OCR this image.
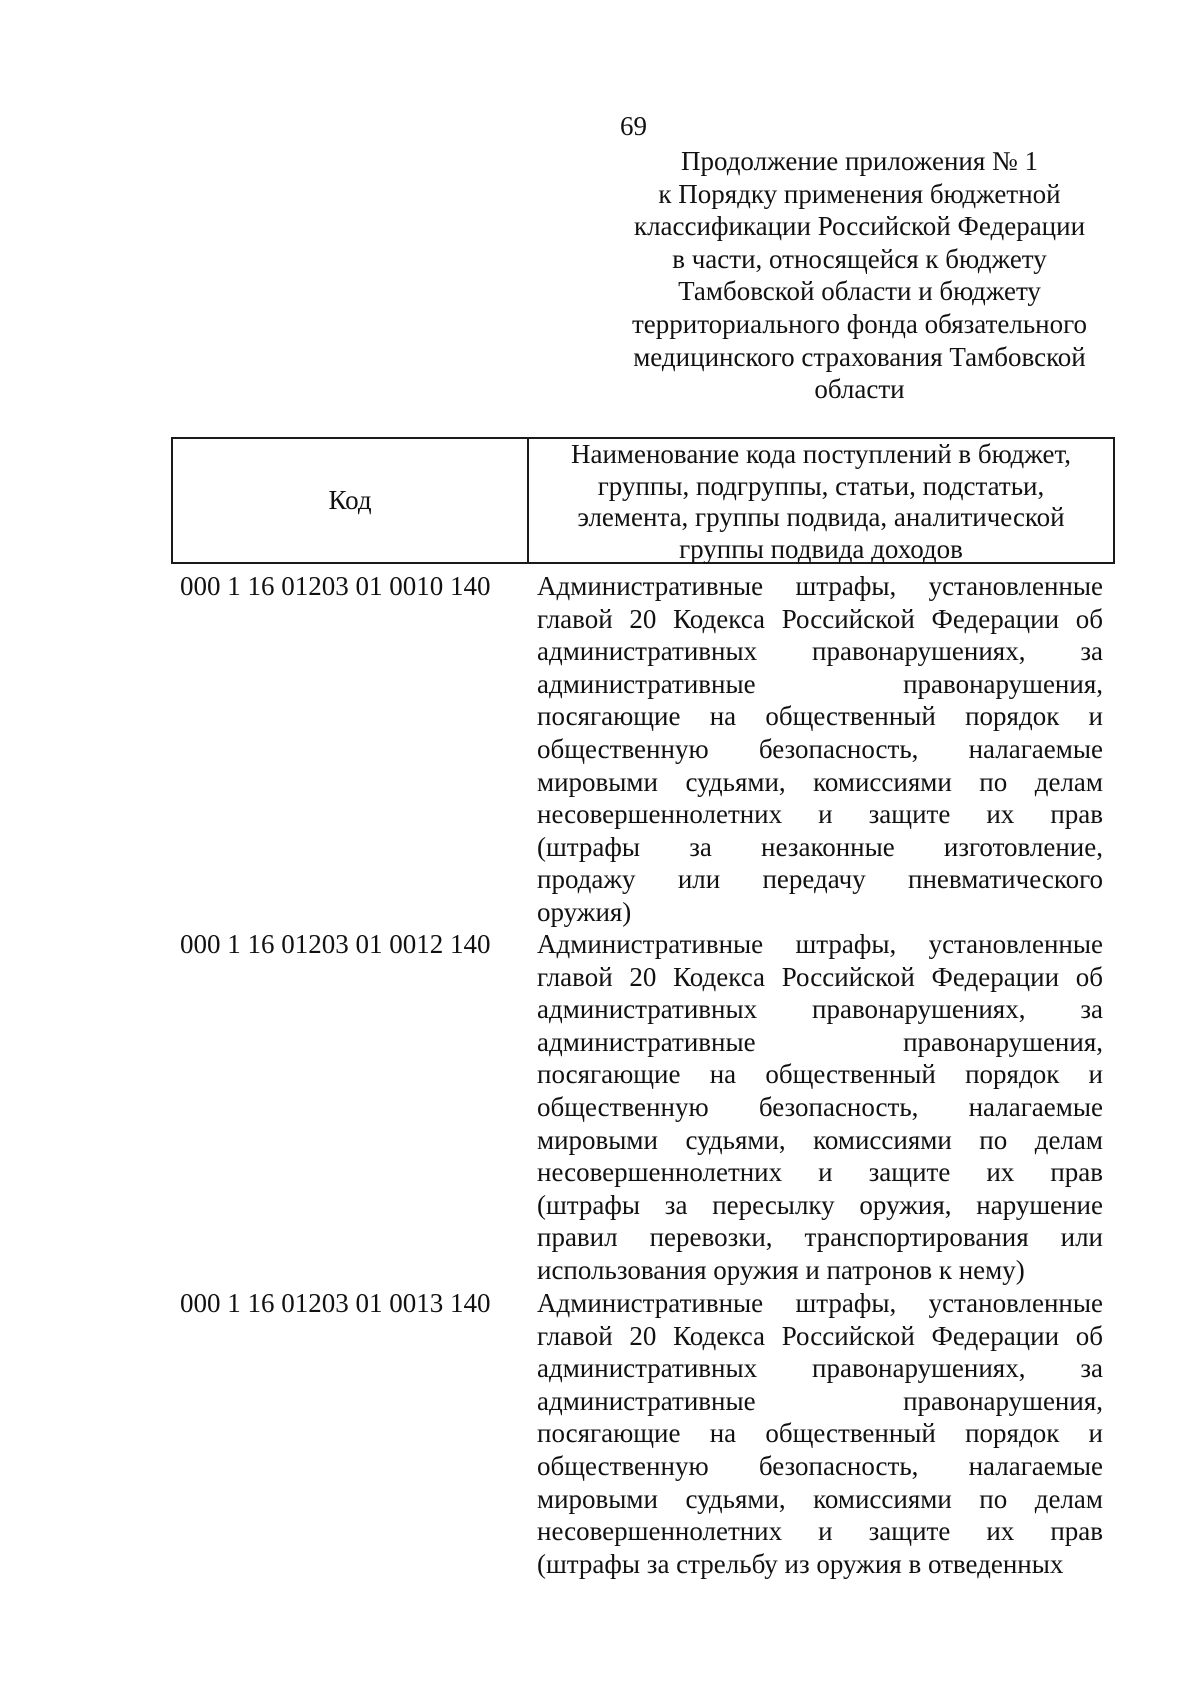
69
Продолжение приложения № 1
к Порядку применения бюджетной
классификации Российской Федерации
в части, относящейся к бюджету
Тамбовской области и бюджету
территориального фонда обязательного
медицинского страхования Тамбовской
области
Код
Наименование кода поступлений в бюджет,
группы, подгруппы, статьи, подстатьи,
элемента, группы подвида, аналитической
группы подвида доходов
000 1 16 01203 01 0010 140 Административные штрафы, установленные
главой 20 Кодекса Российской Федерации об
административных правонарушениях, за
административные правонарушения,
посягающие на общественный порядок и
общественную безопасность, налагаемые
мировыми судьями, комиссиями по делам
несовершеннолетних и защите их прав
(штрафы за незаконные изготовление,
продажу или передачу пневматического
оружия)
000 1 16 01203 01 0012 140 Административные штрафы, установленные
главой 20 Кодекса Российской Федерации об
административных правонарушениях, за
административные правонарушения,
посягающие на общественный порядок и
общественную безопасность, налагаемые
мировыми судьями, комиссиями по делам
несовершеннолетних и защите их прав
(штрафы за пересылку оружия, нарушение
правил перевозки, транспортирования или
использования оружия и патронов к нему)
000 1 16 01203 01 0013 140 Административные штрафы, установленные
главой 20 Кодекса Российской Федерации об
административных правонарушениях, за
административные правонарушения,
посягающие на общественный порядок и
общественную безопасность, налагаемые
мировыми судьями, комиссиями по делам
несовершеннолетних и защите их прав
(штрафы за стрельбу из оружия в отведенных
